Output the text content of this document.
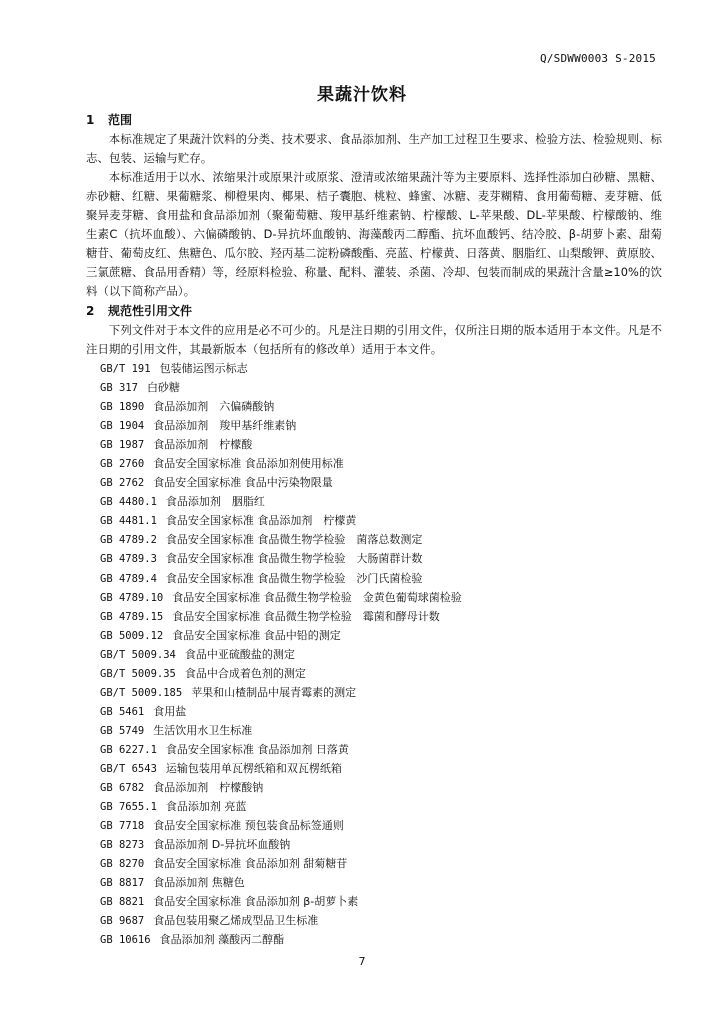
Q/SDWW0003 S-2015
果蔬汁饮料
1 范围

本标准规定了果蔬汁饮料的分类、技术要求、食品添加剂、生产加工过程卫生要求、检验方法、检验规则、标志、包装、运输与贮存。

本标准适用于以水、浓缩果汁或原果汁或原浆、澄清或浓缩果蔬汁等为主要原料、选择性添加白砂糖、黑糖、赤砂糖、红糖、果葡糖浆、柳橙果肉、椰果、桔子囊胞、桃粒、蜂蜜、冰糖、麦芽糊精、食用葡萄糖、麦芽糖、低聚异麦芽糖、食用盐和食品添加剂（聚葡萄糖、羧甲基纤维素钠、柠檬酸、L-苹果酸、DL-苹果酸、柠檬酸钠、维生素C（抗坏血酸）、六偏磷酸钠、D-异抗坏血酸钠、海藻酸丙二醇酯、抗坏血酸钙、结冷胶、β-胡萝卜素、甜菊糖苷、葡萄皮红、焦糖色、瓜尔胶、羟丙基二淀粉磷酸酯、亮蓝、柠檬黄、日落黄、胭脂红、山梨酸钾、黄原胶、三氯蔗糖、食品用香精）等，经原料检验、称量、配料、灌装、杀菌、冷却、包装而制成的果蔬汁含量≥10%的饮料（以下简称产品）。

2 规范性引用文件

下列文件对于本文件的应用是必不可少的。凡是注日期的引用文件，仅所注日期的版本适用于本文件。凡是不注日期的引用文件，其最新版本（包括所有的修改单）适用于本文件。

GB/T 191 包装储运图示标志
GB 317 白砂糖
GB 1890 食品添加剂　六偏磷酸钠
GB 1904 食品添加剂　羧甲基纤维素钠
GB 1987 食品添加剂　柠檬酸
GB 2760 食品安全国家标准 食品添加剂使用标准
GB 2762 食品安全国家标准 食品中污染物限量
GB 4480.1 食品添加剂　胭脂红
GB 4481.1 食品安全国家标准 食品添加剂　柠檬黄
GB 4789.2 食品安全国家标准 食品微生物学检验　菌落总数测定
GB 4789.3 食品安全国家标准 食品微生物学检验　大肠菌群计数
GB 4789.4 食品安全国家标准 食品微生物学检验　沙门氏菌检验
GB 4789.10 食品安全国家标准 食品微生物学检验　金黄色葡萄球菌检验
GB 4789.15 食品安全国家标准 食品微生物学检验　霉菌和酵母计数
GB 5009.12 食品安全国家标准 食品中铅的测定
GB/T 5009.34 食品中亚硫酸盐的测定
GB/T 5009.35 食品中合成着色剂的测定
GB/T 5009.185 苹果和山楂制品中展青霉素的测定
GB 5461 食用盐
GB 5749 生活饮用水卫生标准
GB 6227.1 食品安全国家标准 食品添加剂 日落黄
GB/T 6543 运输包装用单瓦楞纸箱和双瓦楞纸箱
GB 6782 食品添加剂　柠檬酸钠
GB 7655.1 食品添加剂 亮蓝
GB 7718 食品安全国家标准 预包装食品标签通则
GB 8273 食品添加剂 D-异抗坏血酸钠
GB 8270 食品安全国家标准 食品添加剂 甜菊糖苷
GB 8817 食品添加剂 焦糖色
GB 8821 食品安全国家标准 食品添加剂 β-胡萝卜素
GB 9687 食品包装用聚乙烯成型品卫生标准
GB 10616 食品添加剂 藻酸丙二醇酯
7
